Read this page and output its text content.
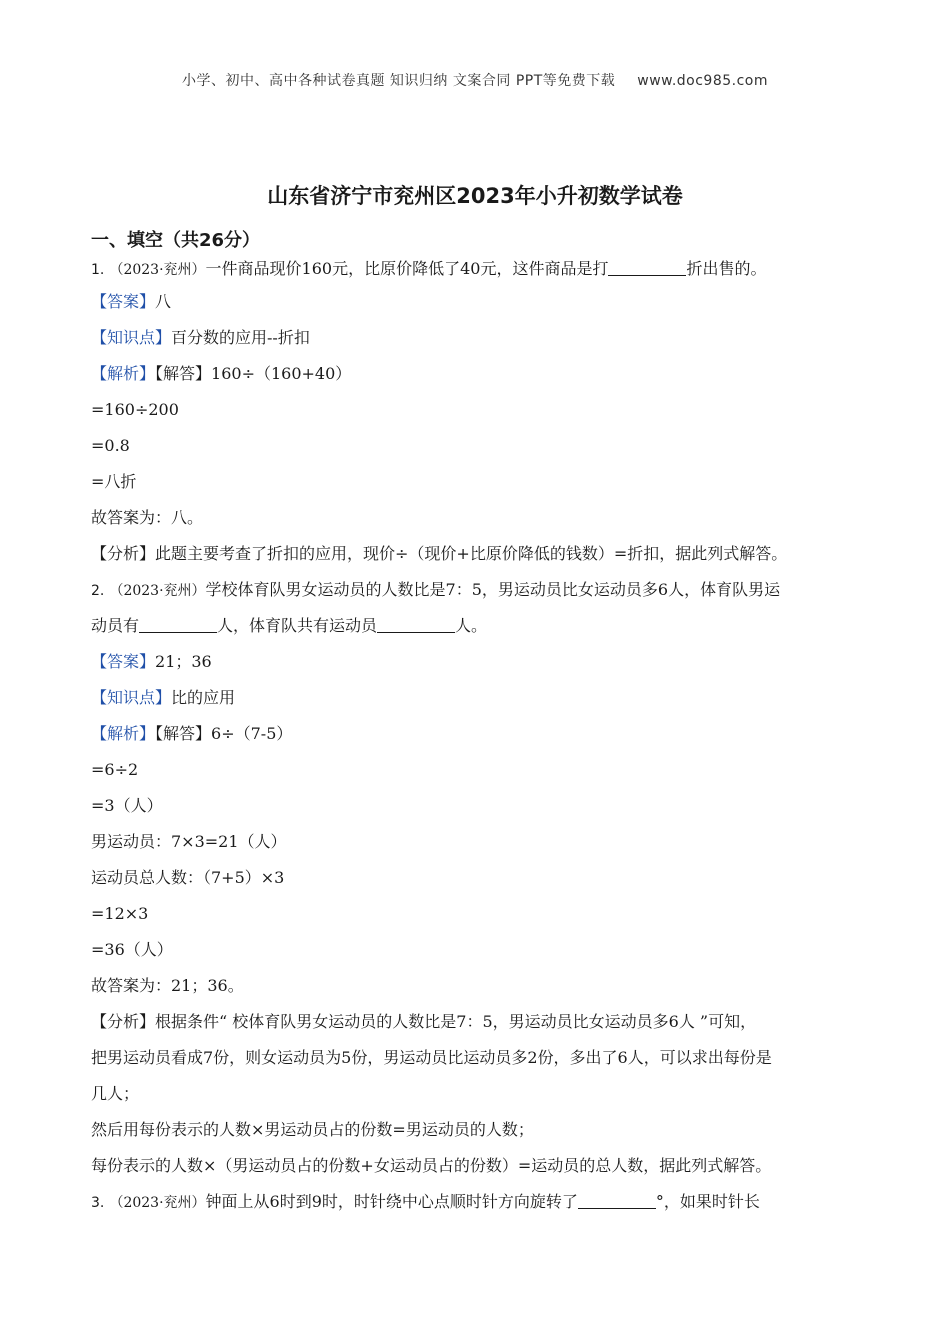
小学、初中、高中各种试卷真题 知识归纳 文案合同 PPT等免费下载 www.doc985.com
山东省济宁市兖州区2023年小升初数学试卷
一、填空（共26分）
1. （2023·兖州）一件商品现价160元，比原价降低了40元，这件商品是打	折出售的。
【答案】八
【知识点】百分数的应用--折扣
【解析】【解答】160÷（160+40）
=160÷200
=0.8
=八折
故答案为：八。
【分析】此题主要考查了折扣的应用，现价÷（现价+比原价降低的钱数）=折扣，据此列式解答。
2. （2023·兖州）学校体育队男女运动员的人数比是7：5，男运动员比女运动员多6人，体育队男运
动员有	人，体育队共有运动员	人。
【答案】21；36
【知识点】比的应用
【解析】【解答】6÷（7-5）
=6÷2
=3（人）
男运动员：7×3=21（人）
运动员总人数：（7+5）×3
=12×3
=36（人）
故答案为：21；36。
【分析】根据条件“ 校体育队男女运动员的人数比是7：5，男运动员比女运动员多6人 ”可知，
把男运动员看成7份，则女运动员为5份，男运动员比运动员多2份，多出了6人，可以求出每份是
几人；
然后用每份表示的人数×男运动员占的份数=男运动员的人数；
每份表示的人数×（男运动员占的份数+女运动员占的份数）=运动员的总人数，据此列式解答。
3. （2023·兖州）钟面上从6时到9时，时针绕中心点顺时针方向旋转了	°，如果时针长
